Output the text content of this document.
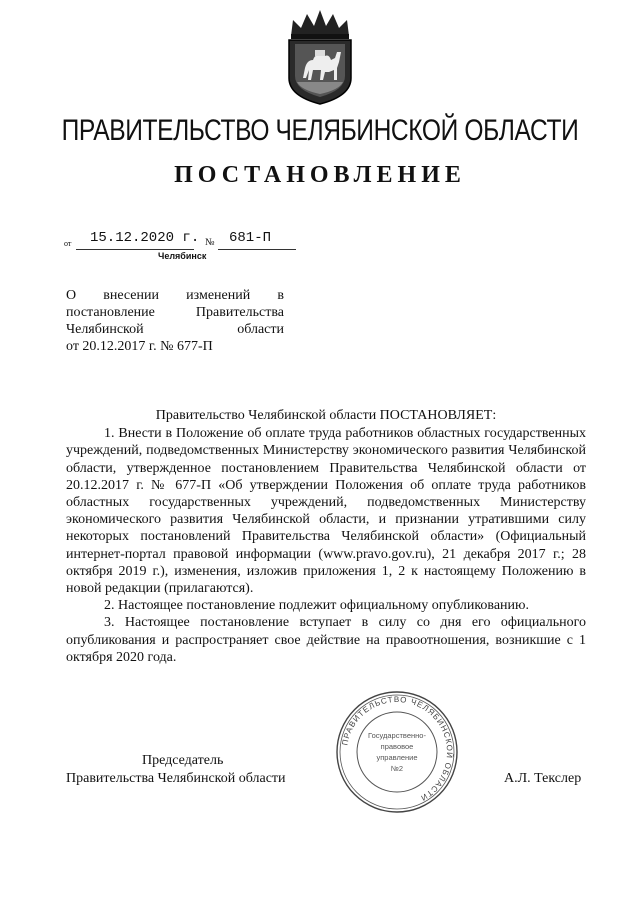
ПРАВИТЕЛЬСТВО ЧЕЛЯБИНСКОЙ ОБЛАСТИ
ПОСТАНОВЛЕНИЕ
от 15.12.2020 г. № 681-П
Челябинск
О внесении изменений в
постановление Правительства
Челябинской области
от 20.12.2017 г. № 677-П

Правительство Челябинской области ПОСТАНОВЛЯЕТ:

1. Внести в Положение об оплате труда работников областных государственных учреждений, подведомственных Министерству экономического развития Челябинской области, утвержденное постановлением Правительства Челябинской области от 20.12.2017 г. № 677-П «Об утверждении Положения об оплате труда работников областных государственных учреждений, подведомственных Министерству экономического развития Челябинской области, и признании утратившими силу некоторых постановлений Правительства Челябинской области» (Официальный интернет-портал правовой информации (www.pravo.gov.ru), 21 декабря 2017 г.; 28 октября 2019 г.), изменения, изложив приложения 1, 2 к настоящему Положению в новой редакции (прилагаются).

2. Настоящее постановление подлежит официальному опубликованию.

3. Настоящее постановление вступает в силу со дня его официального опубликования и распространяет свое действие на правоотношения, возникшие с 1 октября 2020 года.

Председатель
Правительства Челябинской области	А.Л. Текслер
ПРАВИТЕЛЬСТВО ЧЕЛЯБИНСКОЙ ОБЛАСТИ
Государственно-
правовое
управление
№2
